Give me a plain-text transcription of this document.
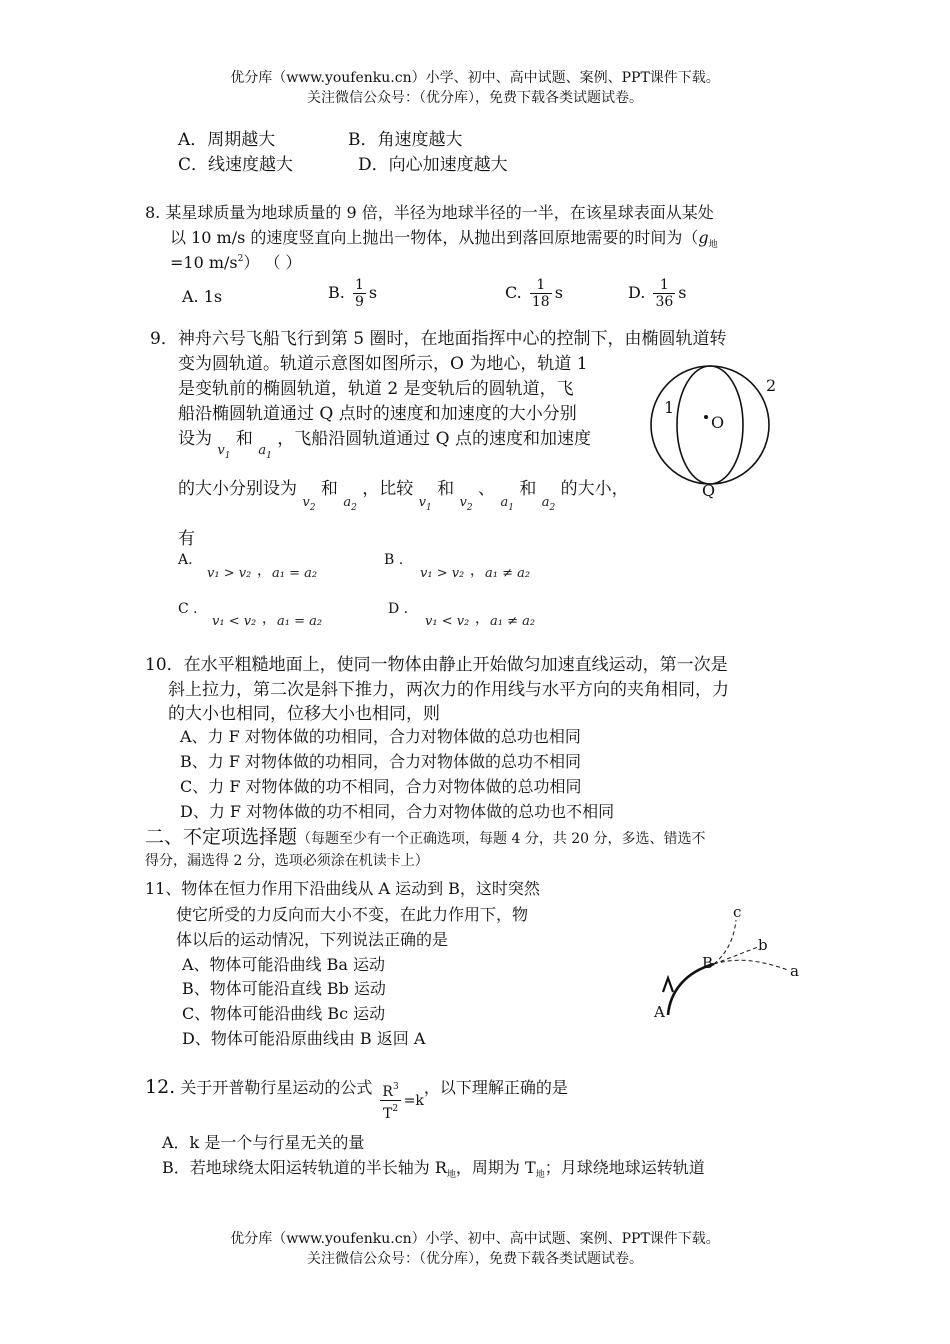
优分库（www.youfenku.cn）小学、初中、高中试题、案例、PPT课件下载。
关注微信公众号：（优分库），免费下载各类试题试卷。
A．周期越大	B．角速度越大
C．线速度越大	D．向心加速度越大
8. 某星球质量为地球质量的 9 倍，半径为地球半径的一半，在该星球表面从某处
以 10 m/s 的速度竖直向上抛出一物体，从抛出到落回原地需要的时间为（$g_地$
=10 $m/s^2$） （ ）
A. 1s	B. $\frac{1}{9}$ s	C. $\frac{1}{18}$ s	D. $\frac{1}{36}$ s
9．神舟六号飞船飞行到第 5 圈时，在地面指挥中心的控制下，由椭圆轨道转
变为圆轨道。轨道示意图如图所示，O 为地心，轨道 1
是变轨前的椭圆轨道，轨道 2 是变轨后的圆轨道，飞
船沿椭圆轨道通过 Q 点时的速度和加速度的大小分别
设为 $_{v_1}$ 和 $_{a_1}$ ，飞船沿圆轨道通过 Q 点的速度和加速度
的大小分别设为 $_{v_2}$ 和 $_{a_2}$ ，比较 $_{v_1}$ 和 $_{v_2}$ 、 $_{a_1}$ 和 $_{a_2}$ 的大小，
有
A.
v₁ > v₂ ， a₁ = a₂
B .
v₁ > v₂ ， a₁ ≠ a₂
C .
v₁ < v₂ ， a₁ = a₂
D .
v₁ < v₂ ， a₁ ≠ a₂
1
2
O
Q
10．在水平粗糙地面上，使同一物体由静止开始做匀加速直线运动，第一次是
斜上拉力，第二次是斜下推力，两次力的作用线与水平方向的夹角相同，力
的大小也相同，位移大小也相同，则
A、力 F 对物体做的功相同，合力对物体做的总功也相同
B、力 F 对物体做的功相同，合力对物体做的总功不相同
C、力 F 对物体做的功不相同，合力对物体做的总功相同
D、力 F 对物体做的功不相同，合力对物体做的总功也不相同
二、不定项选择题（每题至少有一个正确选项，每题 4 分，共 20 分，多选、错选不
得分，漏选得 2 分，选项必须涂在机读卡上）
11、物体在恒力作用下沿曲线从 A 运动到 B，这时突然
使它所受的力反向而大小不变，在此力作用下，物
体以后的运动情况，下列说法正确的是
A、物体可能沿曲线 Ba 运动
B、物体可能沿直线 Bb 运动
C、物体可能沿曲线 Bc 运动
D、物体可能沿原曲线由 B 返回 A
a
b
c
A
B
12. 关于开普勒行星运动的公式 $\frac{R^3}{T^2} =k$，以下理解正确的是
A．k 是一个与行星无关的量
B．若地球绕太阳运转轨道的半长轴为 $R_地$，周期为 $T_地$；月球绕地球运转轨道
优分库（www.youfenku.cn）小学、初中、高中试题、案例、PPT课件下载。
关注微信公众号：（优分库），免费下载各类试题试卷。
